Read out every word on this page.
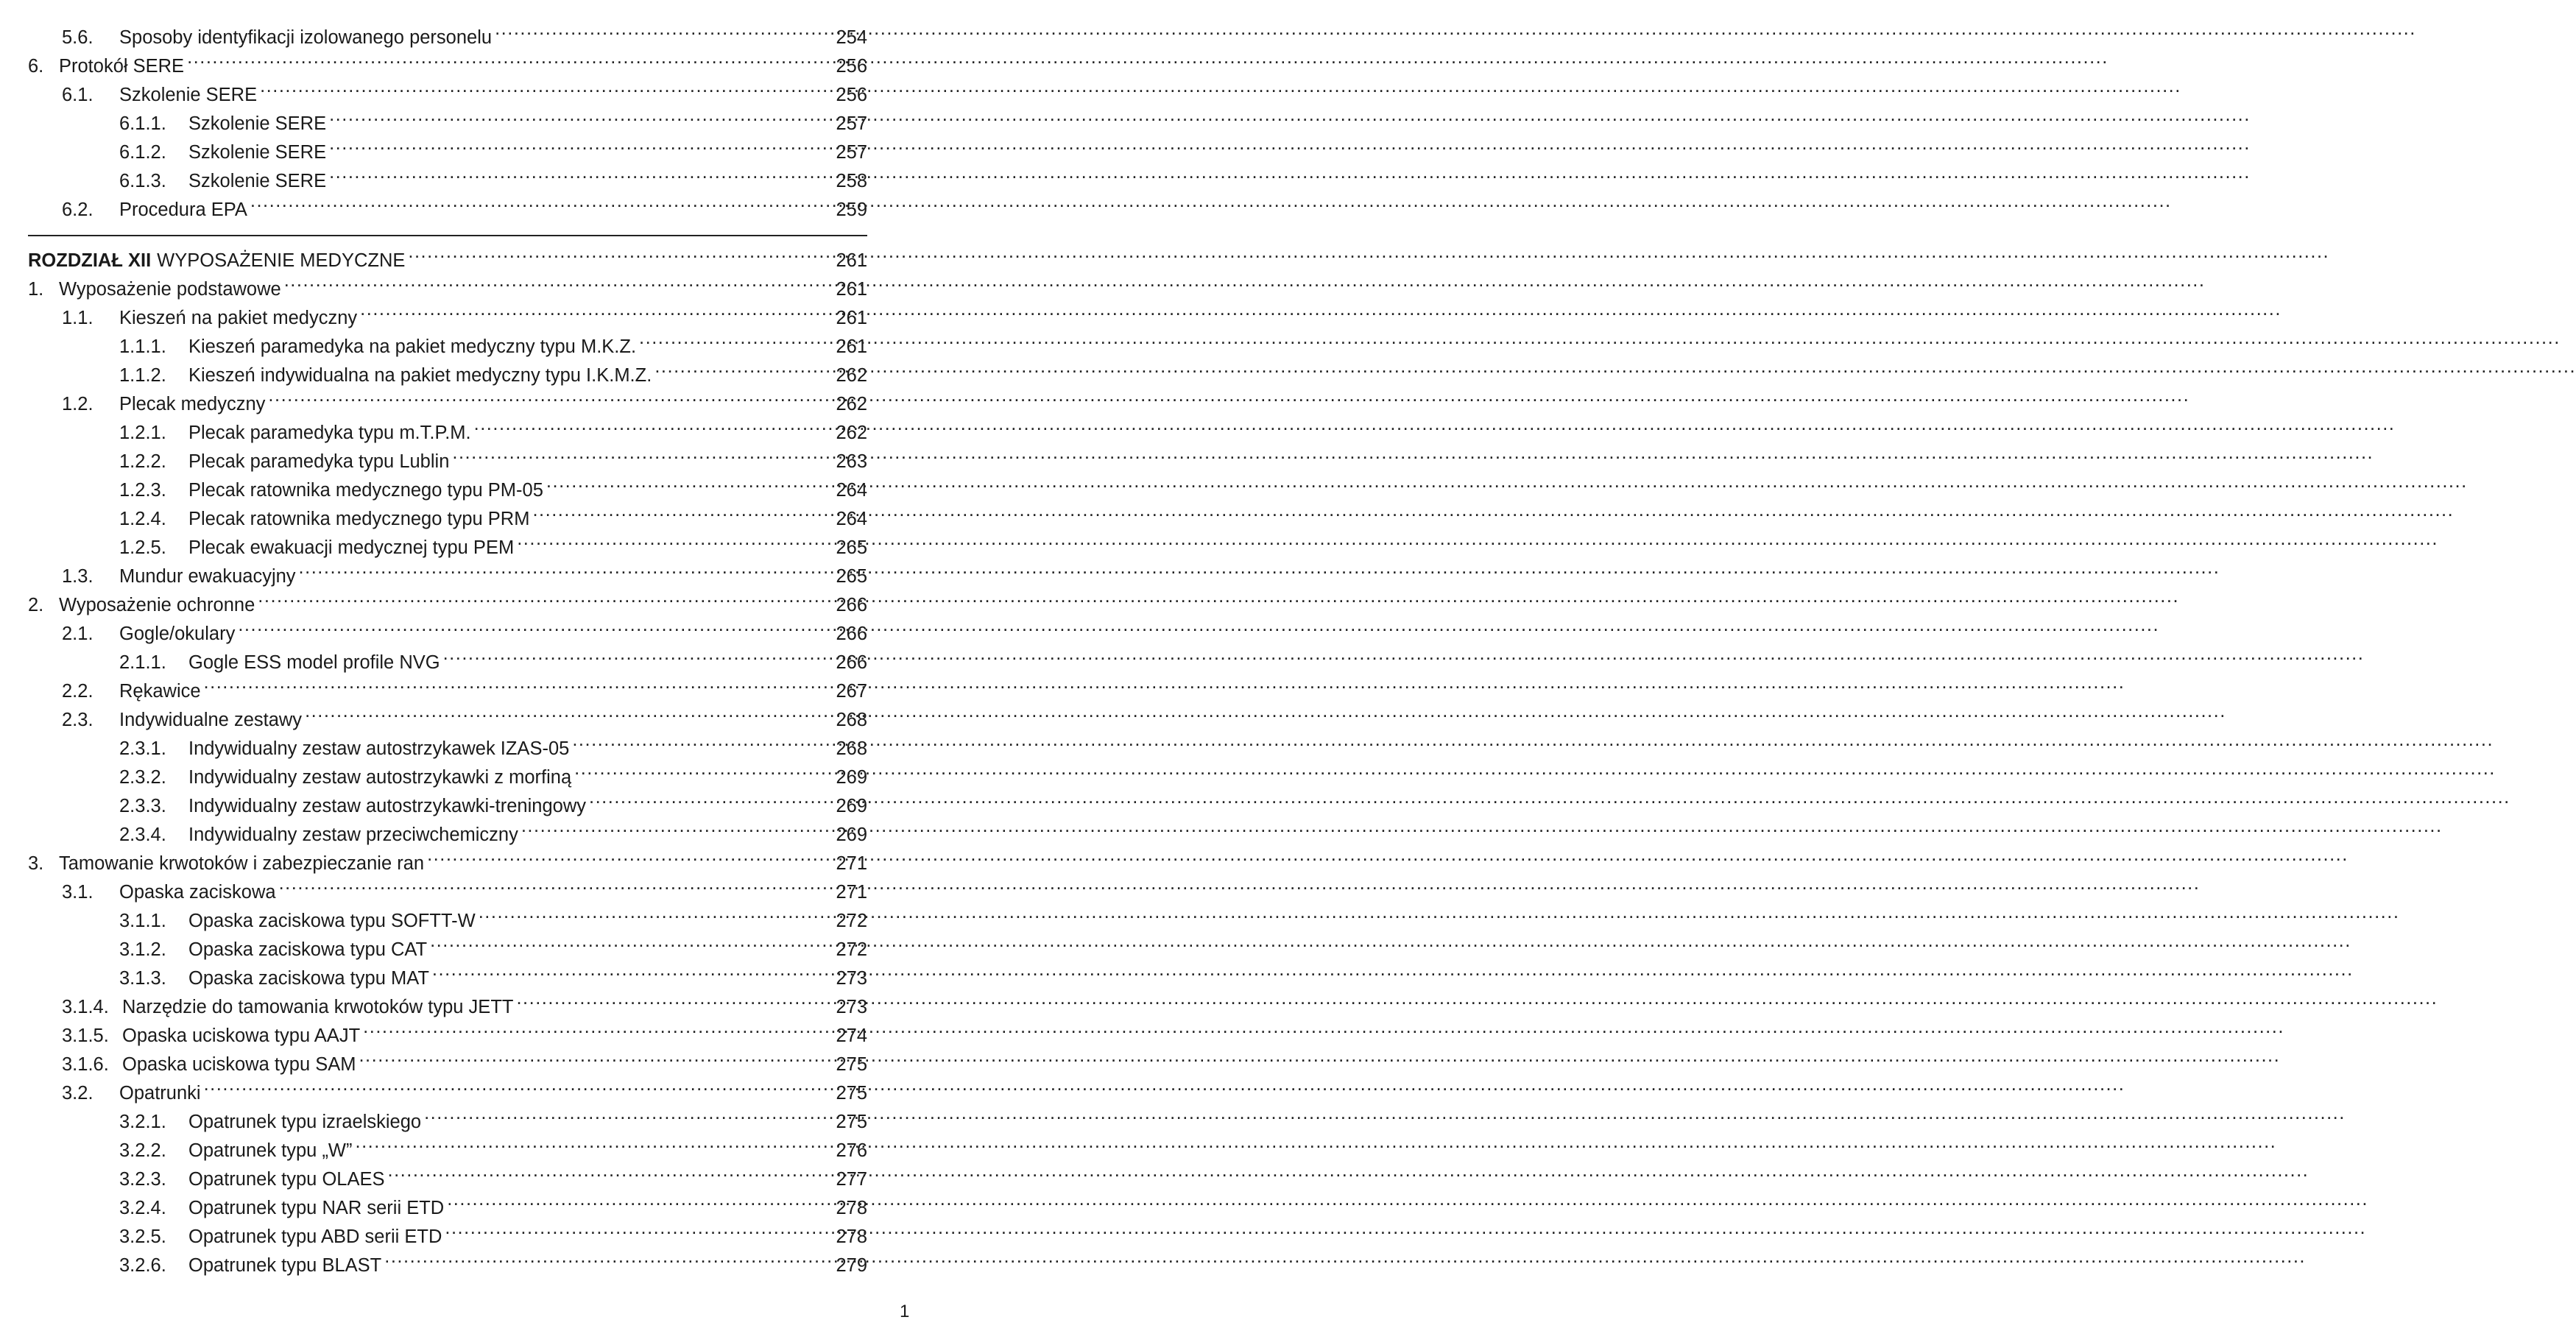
5.6.	Sposoby identyfikacji izolowanego personelu .....	254
6. Protokół SERE .....	256
6.1.	Szkolenie SERE .....	256
6.1.1.	Szkolenie SERE .....	257
6.1.2.	Szkolenie SERE .....	257
6.1.3.	Szkolenie SERE .....	258
6.2.	Procedura EPA .....	259
ROZDZIAŁ XII WYPOSAŻENIE MEDYCZNE .....	261
1. Wyposażenie podstawowe .....	261
1.1.	Kieszeń na pakiet medyczny .....	261
1.1.1.	Kieszeń paramedyka na pakiet medyczny typu M.K.Z. .....	261
1.1.2.	Kieszeń indywidualna na pakiet medyczny typu I.K.M.Z. .....	262
1.2.	Plecak medyczny .....	262
1.2.1.	Plecak paramedyka typu m.T.P.M. .....	262
1.2.2.	Plecak paramedyka typu Lublin .....	263
1.2.3.	Plecak ratownika medycznego typu PM-05 .....	264
1.2.4.	Plecak ratownika medycznego typu PRM .....	264
1.2.5.	Plecak ewakuacji medycznej typu PEM .....	265
1.3.	Mundur ewakuacyjny .....	265
2. Wyposażenie ochronne .....	266
2.1.	Gogle/okulary .....	266
2.1.1.	Gogle ESS model profile NVG .....	266
2.2.	Rękawice .....	267
2.3.	Indywidualne zestawy .....	268
2.3.1.	Indywidualny zestaw autostrzykawek IZAS-05 .....	268
2.3.2.	Indywidualny zestaw autostrzykawki z morfiną .....	269
2.3.3.	Indywidualny zestaw autostrzykawki-treningowy .....	269
2.3.4.	Indywidualny zestaw przeciwchemiczny .....	269
3. Tamowanie krwotoków i zabezpieczanie ran .....	271
3.1.	Opaska zaciskowa .....	271
3.1.1.	Opaska zaciskowa typu SOFTT-W .....	272
3.1.2.	Opaska zaciskowa typu CAT .....	272
3.1.3.	Opaska zaciskowa typu MAT .....	273
3.1.4. Narzędzie do tamowania krwotoków typu JETT .....	273
3.1.5. Opaska uciskowa typu AAJT .....	274
3.1.6. Opaska uciskowa typu SAM .....	275
3.2.	Opatrunki .....	275
3.2.1.	Opatrunek typu izraelskiego .....	275
3.2.2.	Opatrunek typu „W” .....	276
3.2.3.	Opatrunek typu OLAES .....	277
3.2.4.	Opatrunek typu NAR serii ETD .....	278
3.2.5.	Opatrunek typu ABD serii ETD .....	278
3.2.6.	Opatrunek typu BLAST .....	279
1
